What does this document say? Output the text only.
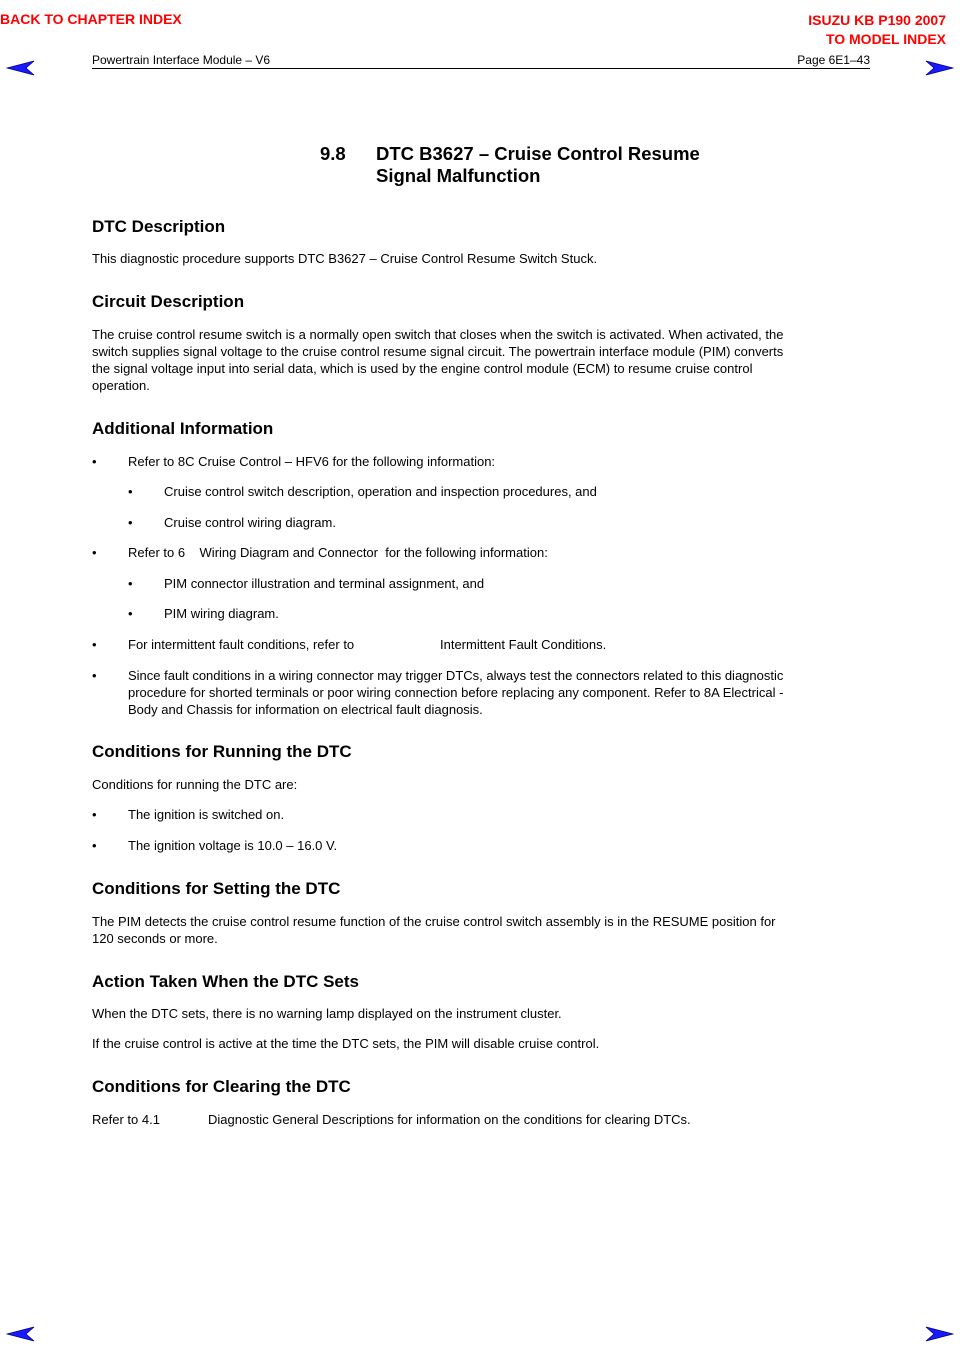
BACK TO CHAPTER INDEX	ISUZU KB P190 2007
TO MODEL INDEX
Powertrain Interface Module – V6	Page 6E1–43
9.8 DTC B3627 – Cruise Control Resume
Signal Malfunction
DTC Description

This diagnostic procedure supports DTC B3627 – Cruise Control Resume Switch Stuck.

Circuit Description
The cruise control resume switch is a normally open switch that closes when the switch is activated. When activated, the
switch supplies signal voltage to the cruise control resume signal circuit. The powertrain interface module (PIM) converts
the signal voltage input into serial data, which is used by the engine control module (ECM) to resume cruise control
operation.
Additional Information
• Refer to 8C Cruise Control – HFV6 for the following information:
• Cruise control switch description, operation and inspection procedures, and
• Cruise control wiring diagram.
• Refer to 6    Wiring Diagram and Connector  for the following information:
• PIM connector illustration and terminal assignment, and
• PIM wiring diagram.
• For intermittent fault conditions, refer to	Intermittent Fault Conditions.
• Since fault conditions in a wiring connector may trigger DTCs, always test the connectors related to this diagnostic
procedure for shorted terminals or poor wiring connection before replacing any component. Refer to 8A Electrical -
Body and Chassis for information on electrical fault diagnosis.
Conditions for Running the DTC

Conditions for running the DTC are:

• The ignition is switched on.
• The ignition voltage is 10.0 – 16.0 V.
Conditions for Setting the DTC
The PIM detects the cruise control resume function of the cruise control switch assembly is in the RESUME position for
120 seconds or more.
Action Taken When the DTC Sets

When the DTC sets, there is no warning lamp displayed on the instrument cluster.

If the cruise control is active at the time the DTC sets, the PIM will disable cruise control.

Conditions for Clearing the DTC
Refer to 4.1	Diagnostic General Descriptions for information on the conditions for clearing DTCs.
